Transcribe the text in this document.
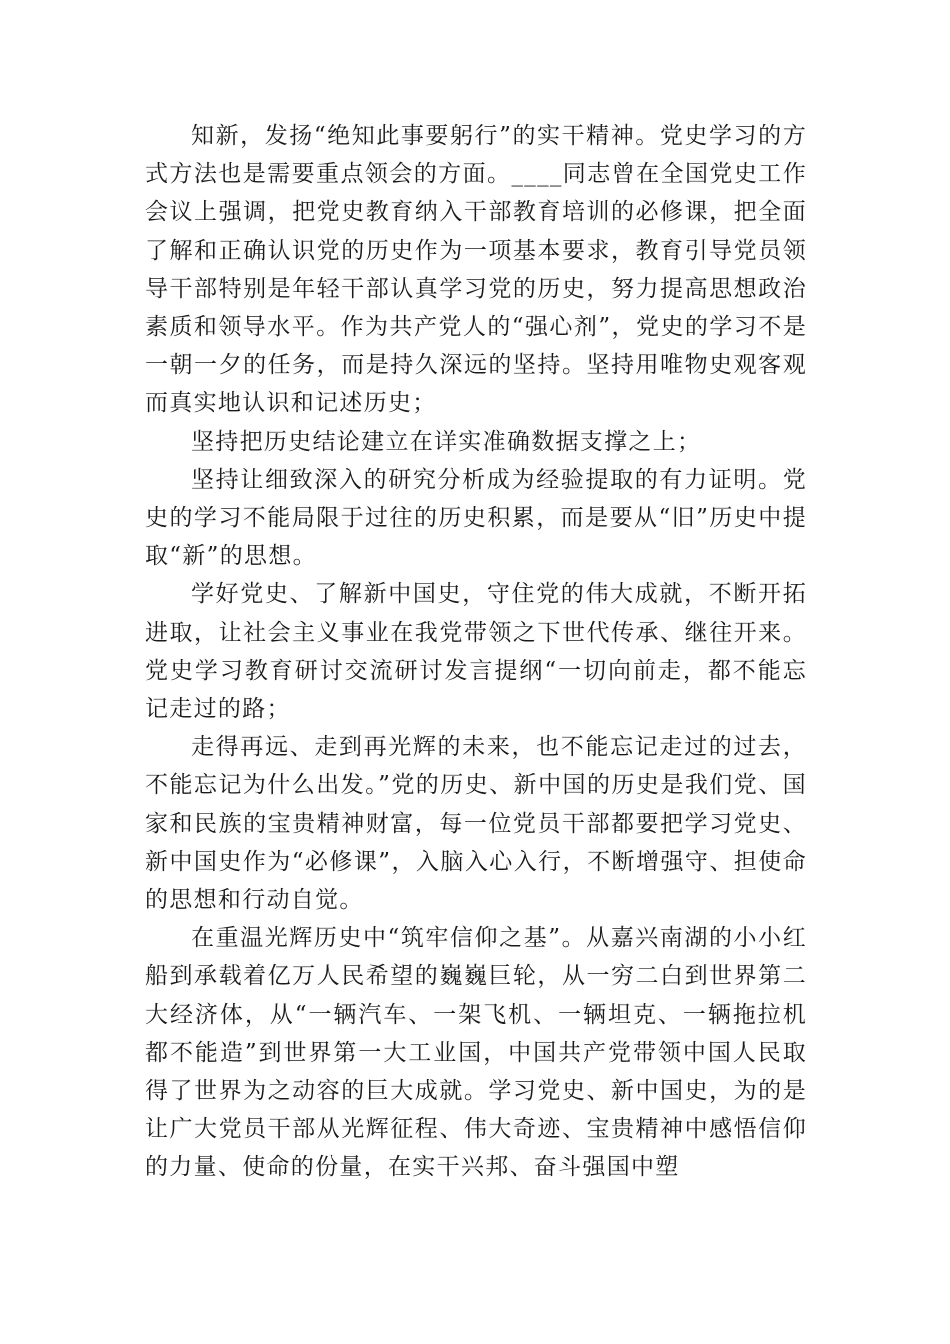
知新，发扬“绝知此事要躬行”的实干精神。党史学习的方式方法也是需要重点领会的方面。____同志曾在全国党史工作会议上强调，把党史教育纳入干部教育培训的必修课，把全面了解和正确认识党的历史作为一项基本要求，教育引导党员领导干部特别是年轻干部认真学习党的历史，努力提高思想政治素质和领导水平。作为共产党人的“强心剂”，党史的学习不是一朝一夕的任务，而是持久深远的坚持。坚持用唯物史观客观而真实地认识和记述历史；

坚持把历史结论建立在详实准确数据支撑之上；

坚持让细致深入的研究分析成为经验提取的有力证明。党史的学习不能局限于过往的历史积累，而是要从“旧”历史中提取“新”的思想。

学好党史、了解新中国史，守住党的伟大成就，不断开拓进取，让社会主义事业在我党带领之下世代传承、继往开来。党史学习教育研讨交流研讨发言提纲“一切向前走，都不能忘记走过的路；

走得再远、走到再光辉的未来，也不能忘记走过的过去，不能忘记为什么出发。”党的历史、新中国的历史是我们党、国家和民族的宝贵精神财富，每一位党员干部都要把学习党史、新中国史作为“必修课”，入脑入心入行，不断增强守、担使命的思想和行动自觉。

在重温光辉历史中“筑牢信仰之基”。从嘉兴南湖的小小红船到承载着亿万人民希望的巍巍巨轮，从一穷二白到世界第二大经济体，从“一辆汽车、一架飞机、一辆坦克、一辆拖拉机都不能造”到世界第一大工业国，中国共产党带领中国人民取得了世界为之动容的巨大成就。学习党史、新中国史，为的是让广大党员干部从光辉征程、伟大奇迹、宝贵精神中感悟信仰的力量、使命的份量，在实干兴邦、奋斗强国中塑
